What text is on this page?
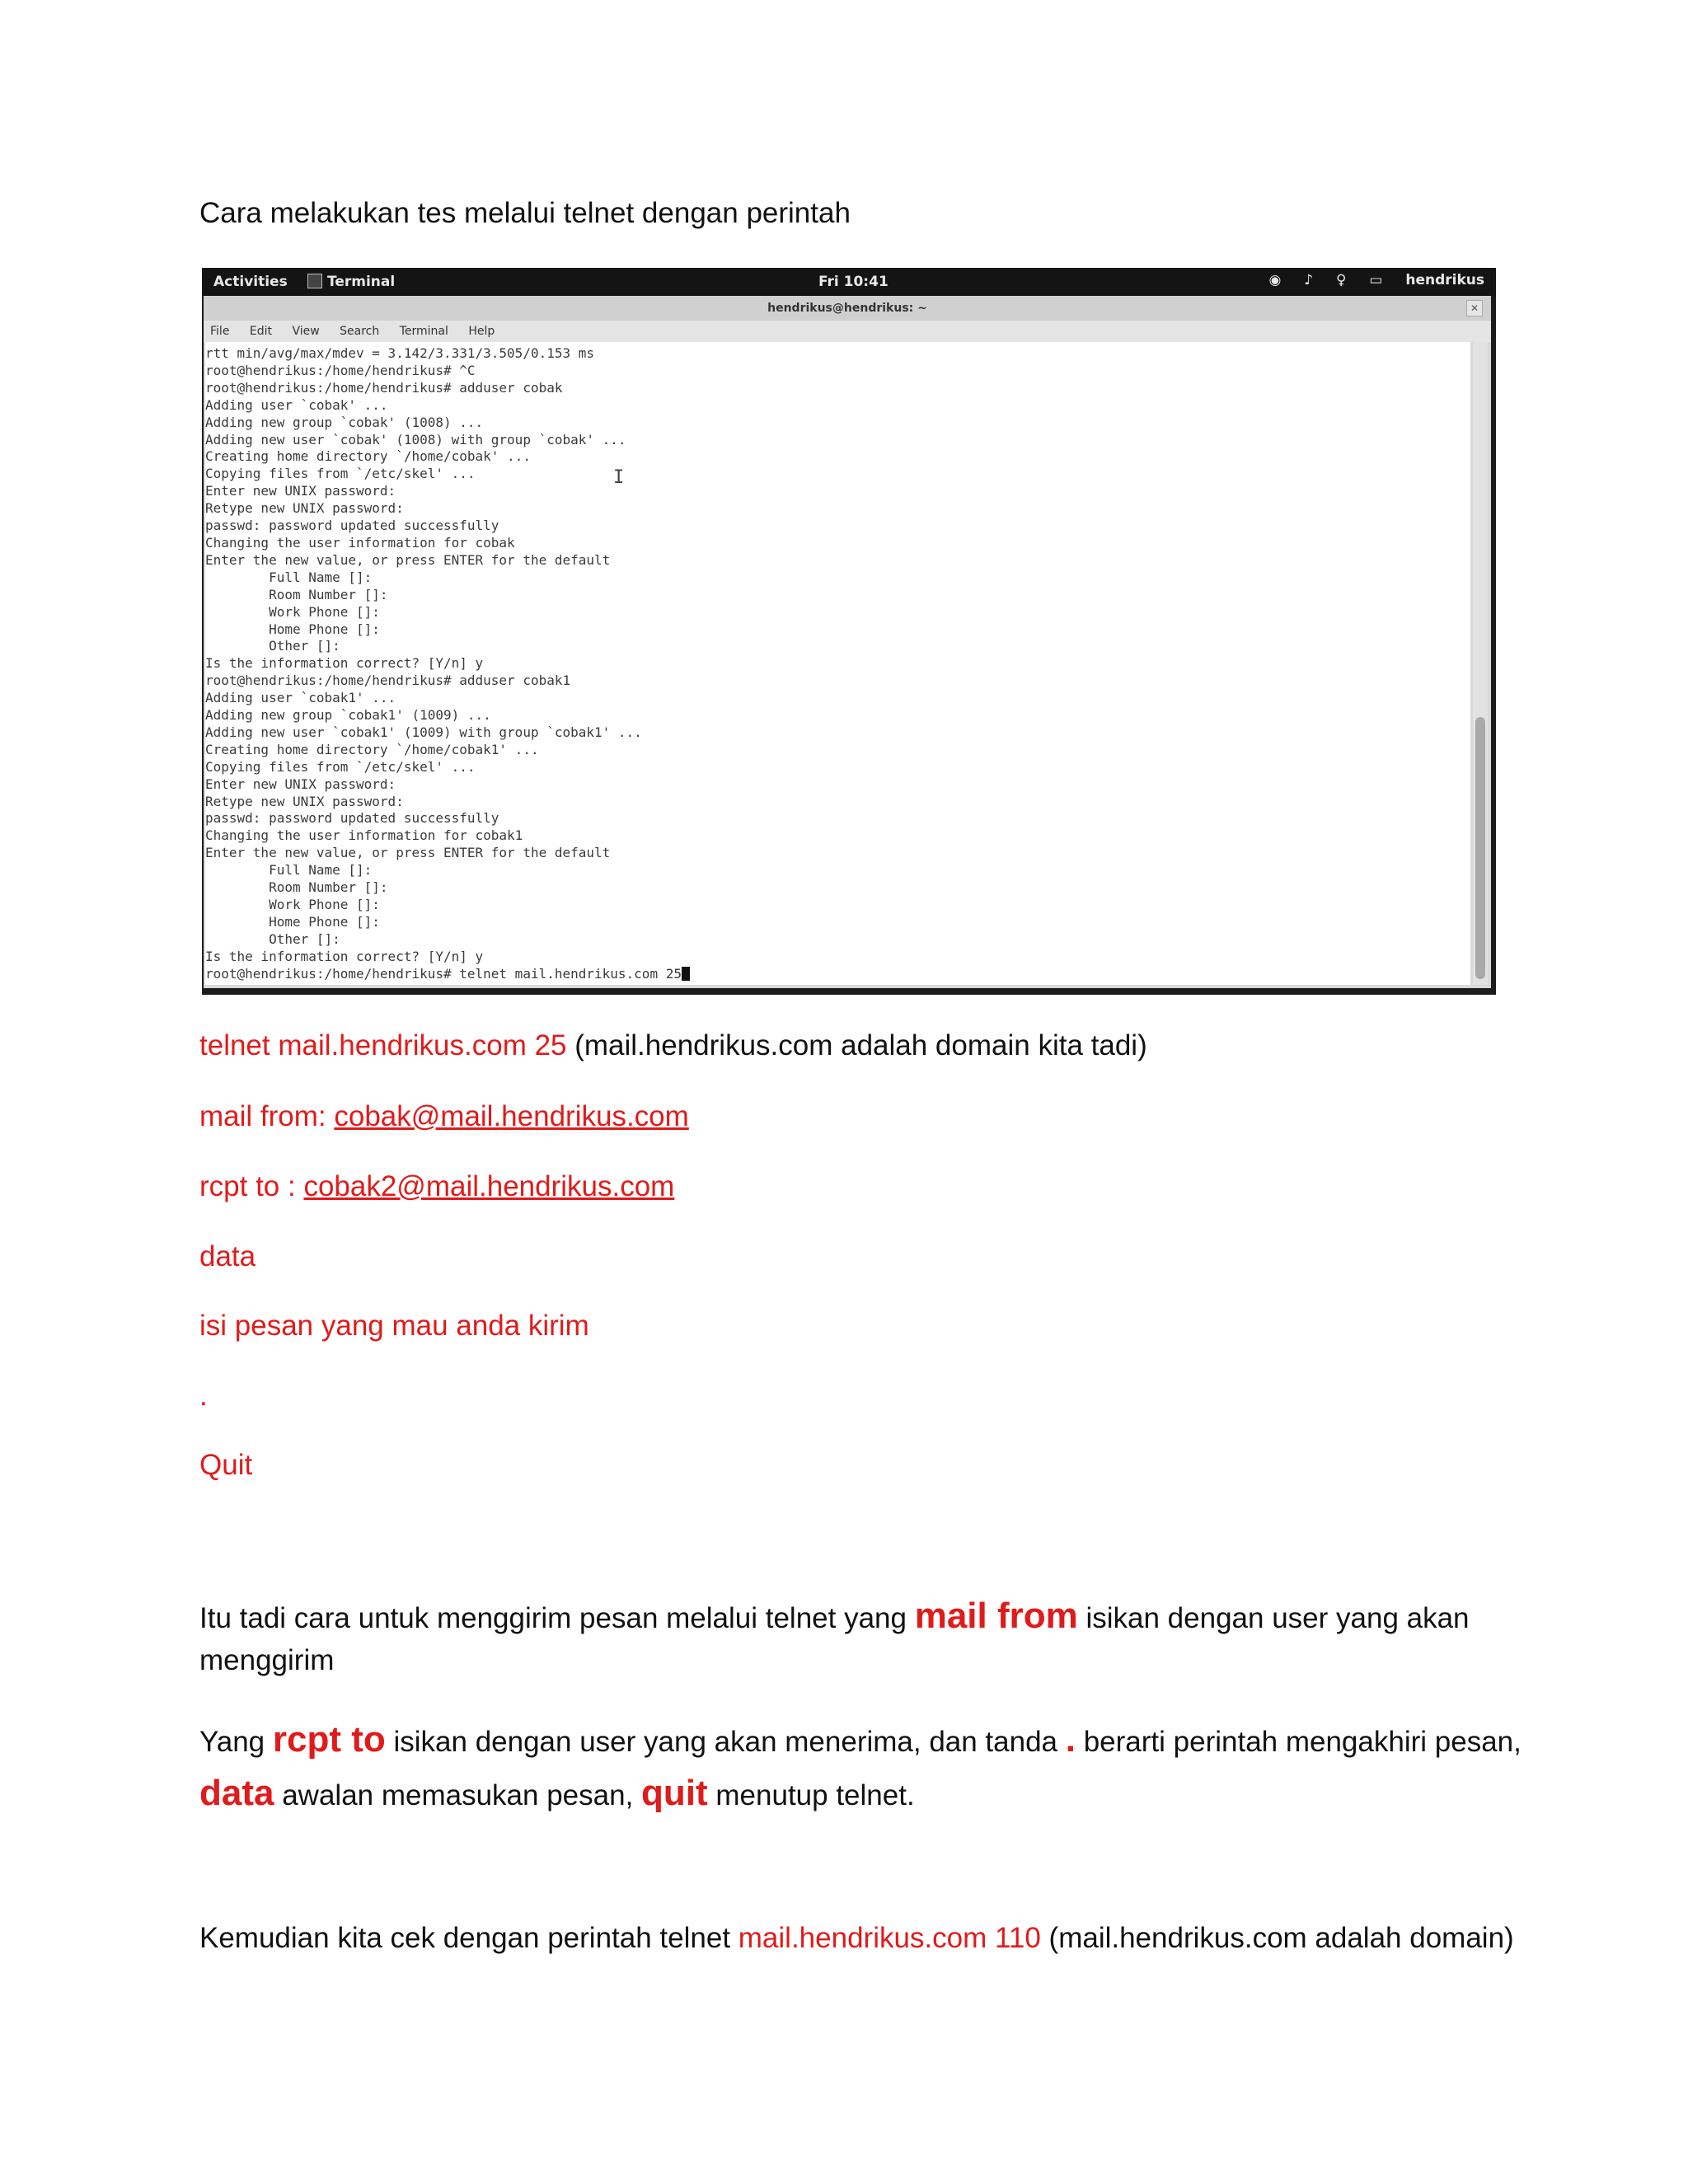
Cara melakukan tes melalui telnet dengan perintah
Activities	Terminal	Fri 10:41	◉ ♪ ♀ ▭ hendrikus
hendrikus@hendrikus: ~	✕
File Edit View Search Terminal Help
rtt min/avg/max/mdev = 3.142/3.331/3.505/0.153 ms
root@hendrikus:/home/hendrikus# ^C
root@hendrikus:/home/hendrikus# adduser cobak
Adding user `cobak' ...
Adding new group `cobak' (1008) ...
Adding new user `cobak' (1008) with group `cobak' ...
Creating home directory `/home/cobak' ...
Copying files from `/etc/skel' ...
Enter new UNIX password:
Retype new UNIX password:
passwd: password updated successfully
Changing the user information for cobak
Enter the new value, or press ENTER for the default
Full Name []:
Room Number []:
Work Phone []:
Home Phone []:
Other []:
Is the information correct? [Y/n] y
root@hendrikus:/home/hendrikus# adduser cobak1
Adding user `cobak1' ...
Adding new group `cobak1' (1009) ...
Adding new user `cobak1' (1009) with group `cobak1' ...
Creating home directory `/home/cobak1' ...
Copying files from `/etc/skel' ...
Enter new UNIX password:
Retype new UNIX password:
passwd: password updated successfully
Changing the user information for cobak1
Enter the new value, or press ENTER for the default
Full Name []:
Room Number []:
Work Phone []:
Home Phone []:
Other []:
Is the information correct? [Y/n] y
root@hendrikus:/home/hendrikus# telnet mail.hendrikus.com 25
I
telnet mail.hendrikus.com 25 (mail.hendrikus.com adalah domain kita tadi)
mail from: cobak@mail.hendrikus.com
rcpt to : cobak2@mail.hendrikus.com
data
isi pesan yang mau anda kirim
.
Quit
Itu tadi cara untuk menggirim pesan melalui telnet yang mail from isikan dengan user yang akan
menggirim
Yang rcpt to isikan dengan user yang akan menerima, dan tanda . berarti perintah mengakhiri pesan,
data awalan memasukan pesan, quit menutup telnet.
Kemudian kita cek dengan perintah telnet mail.hendrikus.com 110 (mail.hendrikus.com adalah domain)
